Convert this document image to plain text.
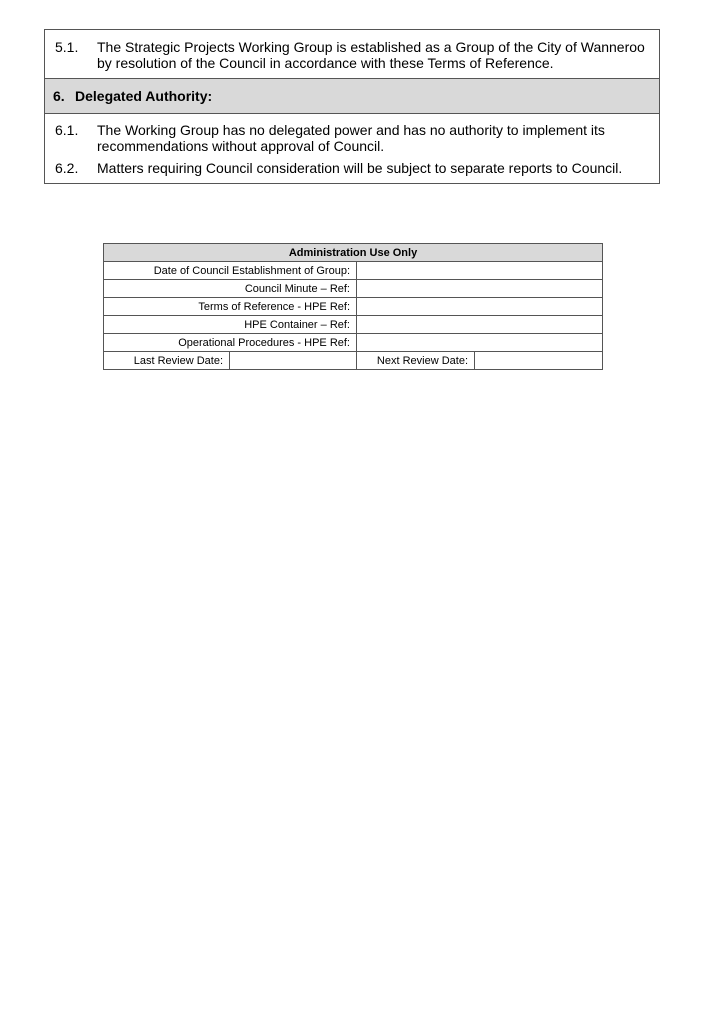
5.1.	The Strategic Projects Working Group is established as a Group of the City of Wanneroo by resolution of the Council in accordance with these Terms of Reference.
6. Delegated Authority:
6.1.	The Working Group has no delegated power and has no authority to implement its recommendations without approval of Council.
6.2.	Matters requiring Council consideration will be subject to separate reports to Council.
Administration Use Only			
Date of Council Establishment of Group:			
Council Minute – Ref:			
Terms of Reference - HPE Ref:			
HPE Container – Ref:			
Operational Procedures - HPE Ref:			
Last Review Date:		Next Review Date:	
